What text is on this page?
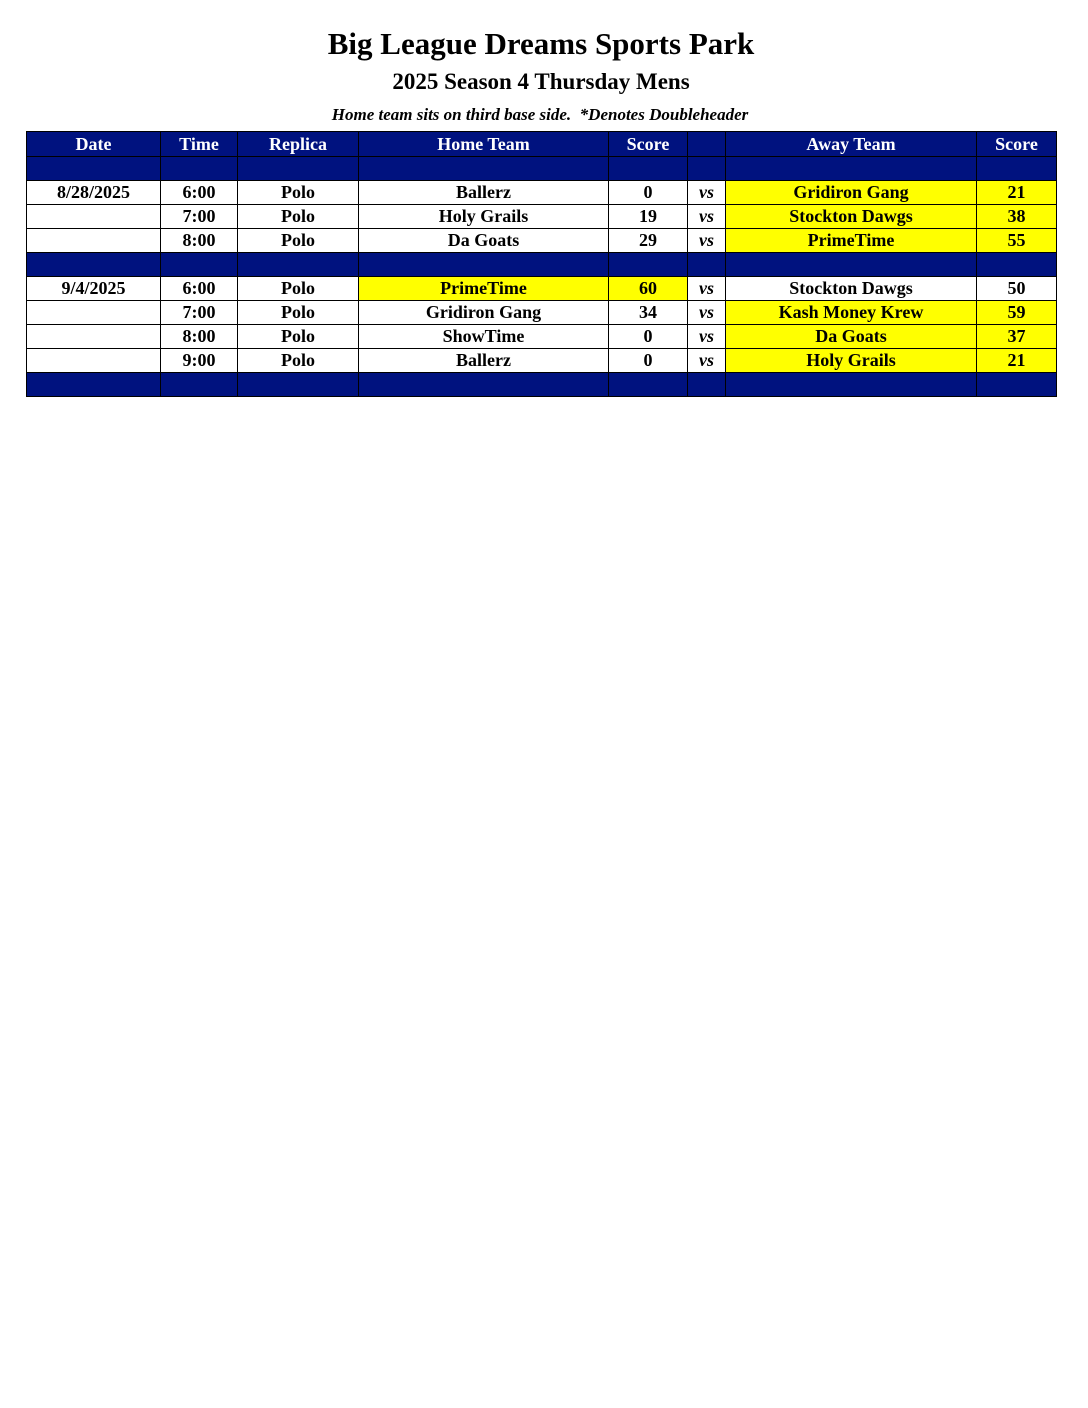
Big League Dreams Sports Park
2025 Season 4 Thursday Mens
Home team sits on third base side.  *Denotes Doubleheader
Date	Time	Replica	Home Team	Score		Away Team	Score

8/28/2025	6:00	Polo	Ballerz	0	vs	Gridiron Gang	21
	7:00	Polo	Holy Grails	19	vs	Stockton Dawgs	38
	8:00	Polo	Da Goats	29	vs	PrimeTime	55

9/4/2025	6:00	Polo	PrimeTime	60	vs	Stockton Dawgs	50
	7:00	Polo	Gridiron Gang	34	vs	Kash Money Krew	59
	8:00	Polo	ShowTime	0	vs	Da Goats	37
	9:00	Polo	Ballerz	0	vs	Holy Grails	21
